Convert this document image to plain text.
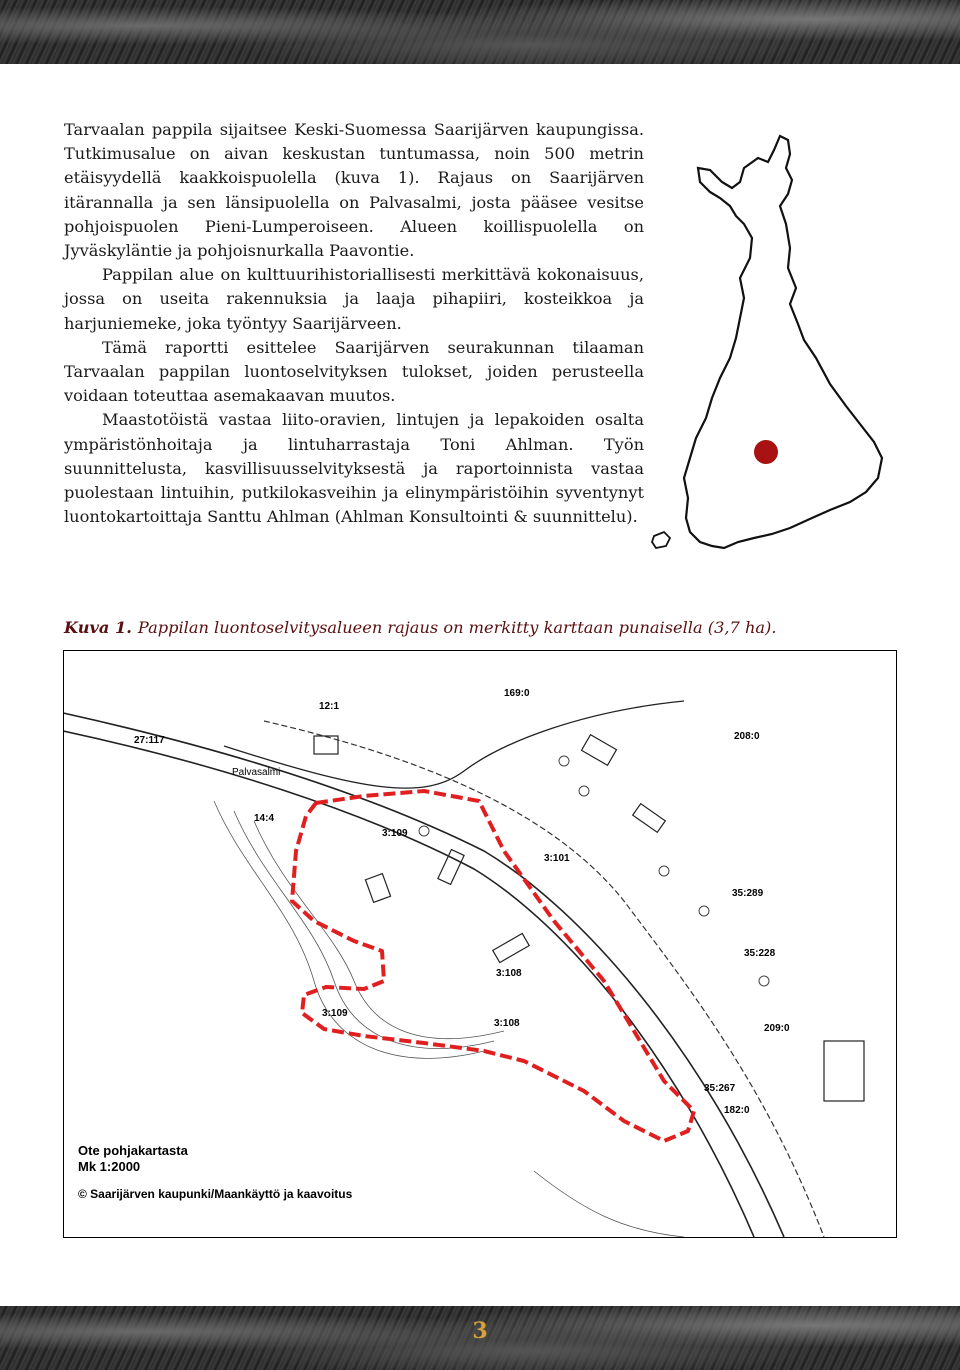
Tarvaalan pappila sijaitsee Keski-Suomessa Saarijärven kaupungissa. Tutkimusalue on aivan keskustan tuntumassa, noin 500 metrin etäisyydellä kaakkoispuolella (kuva 1). Rajaus on Saarijärven itärannalla ja sen länsipuolella on Palvasalmi, josta pääsee vesitse pohjoispuolen Pieni-Lumperoiseen. Alueen koillispuolella on Jyväskyläntie ja pohjoisnurkalla Paavontie.

Pappilan alue on kulttuurihistoriallisesti merkittävä kokonaisuus, jossa on useita rakennuksia ja laaja pihapiiri, kosteikkoa ja harjuniemeke, joka työntyy Saarijärveen.

Tämä raportti esittelee Saarijärven seurakunnan tilaaman Tarvaalan pappilan luontoselvityksen tulokset, joiden perusteella voidaan toteuttaa asemakaavan muutos.

Maastotöistä vastaa liito-oravien, lintujen ja lepakoiden osalta ympäristönhoitaja ja lintuharrastaja Toni Ahlman. Työn suunnittelusta, kasvillisuusselvityksestä ja raportoinnista vastaa puolestaan lintuihin, putkilokasveihin ja elinympäristöihin syventynyt luontokartoittaja Santtu Ahlman (Ahlman Konsultointi & suunnittelu).

Kuva 1. Pappilan luontoselvitysalueen rajaus on merkitty karttaan punaisella (3,7 ha).
169:0
12:1
27:117
14:4
3:109
3:101
3:108
3:108
3:109
208:0
35:289
35:228
209:0
35:267
182:0
Palvasalmi
Ote pohjakartasta
Mk 1:2000
© Saarijärven kaupunki/Maankäyttö ja kaavoitus
3
